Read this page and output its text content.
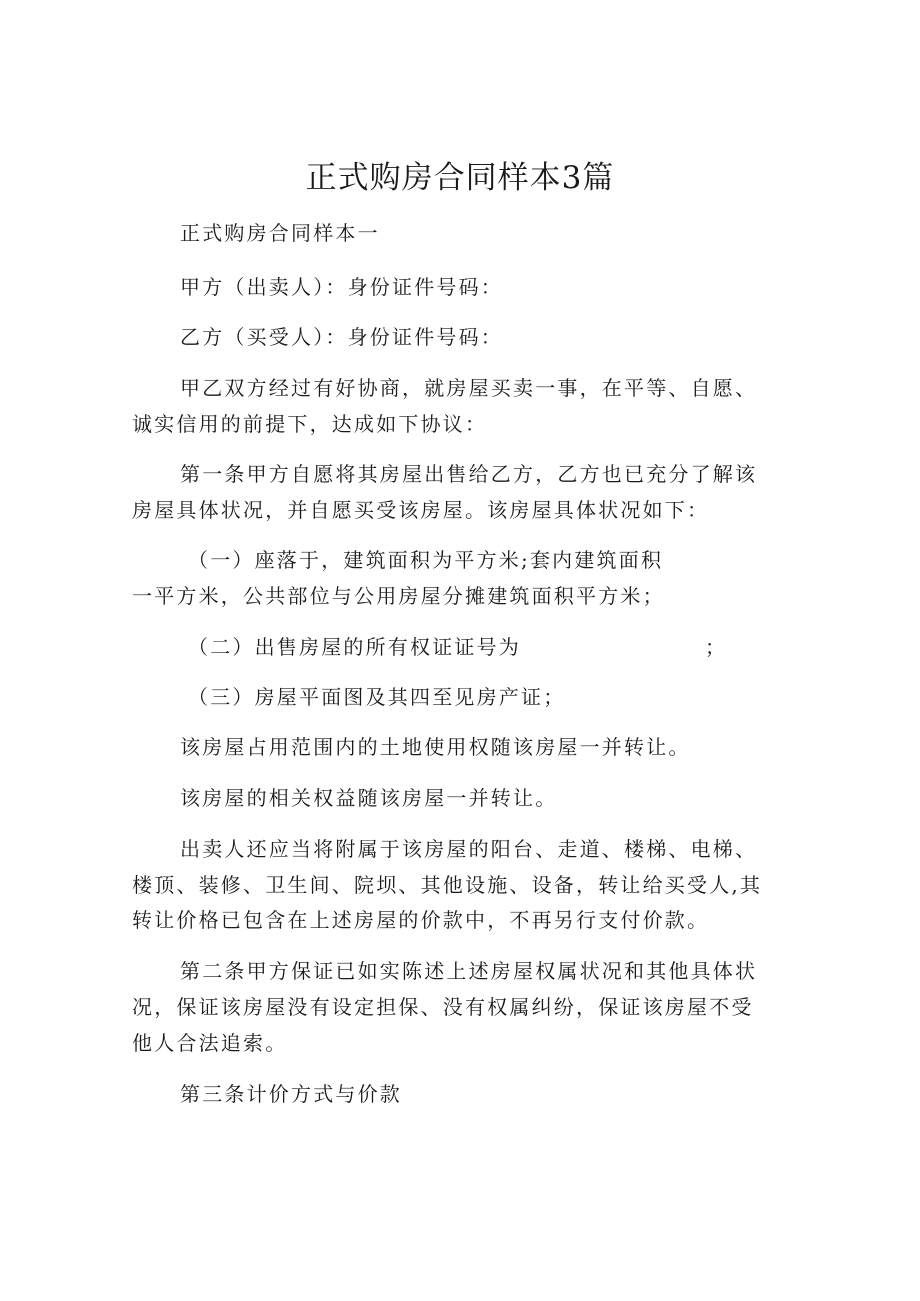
正式购房合同样本3篇

正式购房合同样本一

甲方（出卖人）：身份证件号码：

乙方（买受人）：身份证件号码：

甲乙双方经过有好协商，就房屋买卖一事，在平等、自愿、

诚实信用的前提下，达成如下协议：

第一条甲方自愿将其房屋出售给乙方，乙方也已充分了解该

房屋具体状况，并自愿买受该房屋。该房屋具体状况如下：

（一）座落于，建筑面积为平方米;套内建筑面积

一平方米，公共部位与公用房屋分摊建筑面积平方米；

（二）出售房屋的所有权证证号为	；

（三）房屋平面图及其四至见房产证；

该房屋占用范围内的土地使用权随该房屋一并转让。

该房屋的相关权益随该房屋一并转让。

出卖人还应当将附属于该房屋的阳台、走道、楼梯、电梯、

楼顶、装修、卫生间、院坝、其他设施、设备，转让给买受人,其

转让价格已包含在上述房屋的价款中，不再另行支付价款。

第二条甲方保证已如实陈述上述房屋权属状况和其他具体状

况，保证该房屋没有设定担保、没有权属纠纷，保证该房屋不受

他人合法追索。

第三条计价方式与价款
